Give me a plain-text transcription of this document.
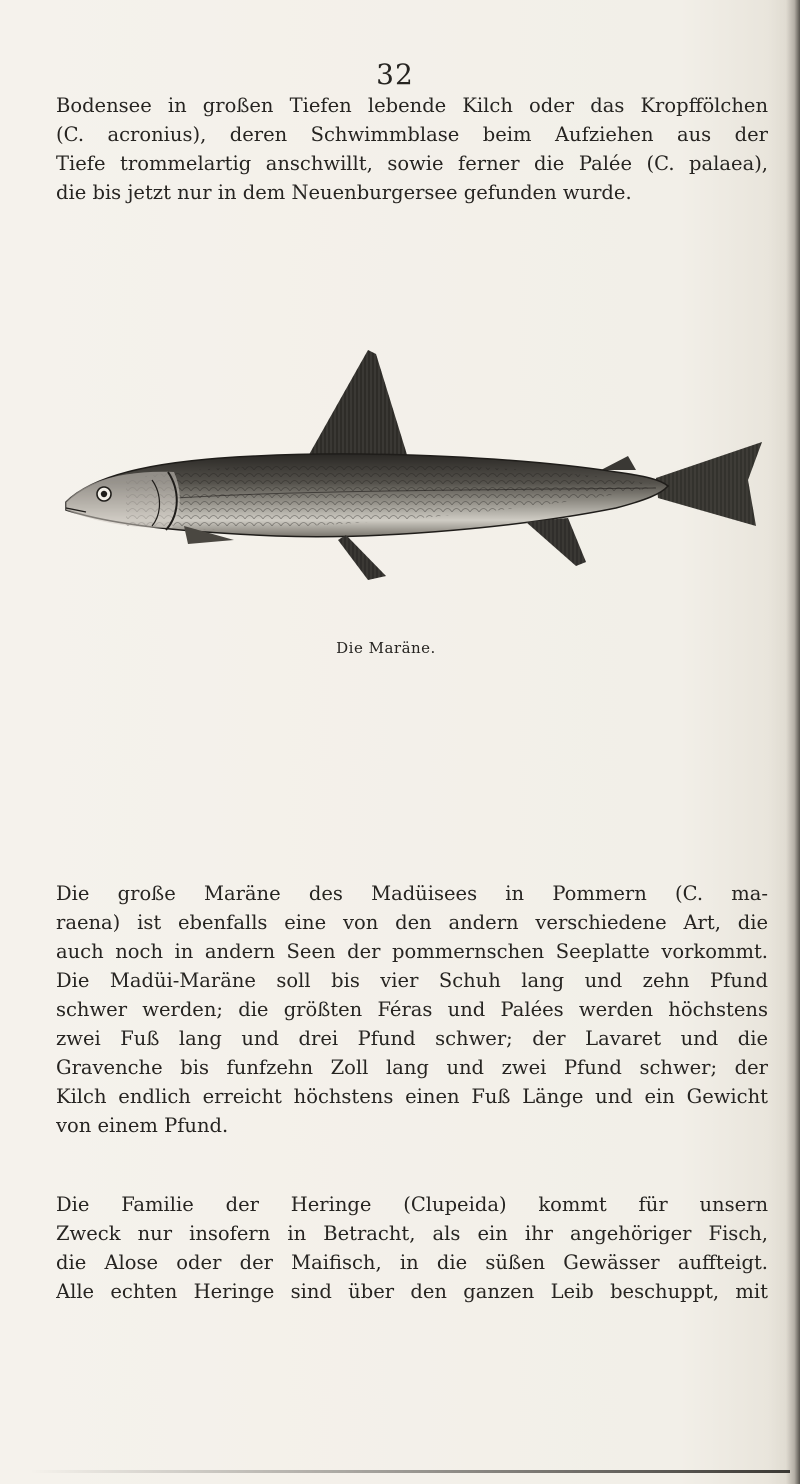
32
Bodensee in großen Tiefen lebende Kilch oder das Kropffölchen
(C. acronius), deren Schwimmblase beim Aufziehen aus der
Tiefe trommelartig anschwillt, sowie ferner die Palée (C. palaea),
die bis jetzt nur in dem Neuenburgersee gefunden wurde.
Die Maräne.
Die große Maräne des Madüisees in Pommern (C. ma-
raena) ist ebenfalls eine von den andern verschiedene Art, die
auch noch in andern Seen der pommernschen Seeplatte vorkommt.
Die Madüi-Maräne soll bis vier Schuh lang und zehn Pfund
schwer werden; die größten Féras und Palées werden höchstens
zwei Fuß lang und drei Pfund schwer; der Lavaret und die
Gravenche bis funfzehn Zoll lang und zwei Pfund schwer; der
Kilch endlich erreicht höchstens einen Fuß Länge und ein Gewicht
von einem Pfund.
Die Familie der Heringe (Clupeida) kommt für unsern
Zweck nur insofern in Betracht, als ein ihr angehöriger Fisch,
die Alose oder der Maifisch, in die süßen Gewässer auffteigt.
Alle echten Heringe sind über den ganzen Leib beschuppt, mit
